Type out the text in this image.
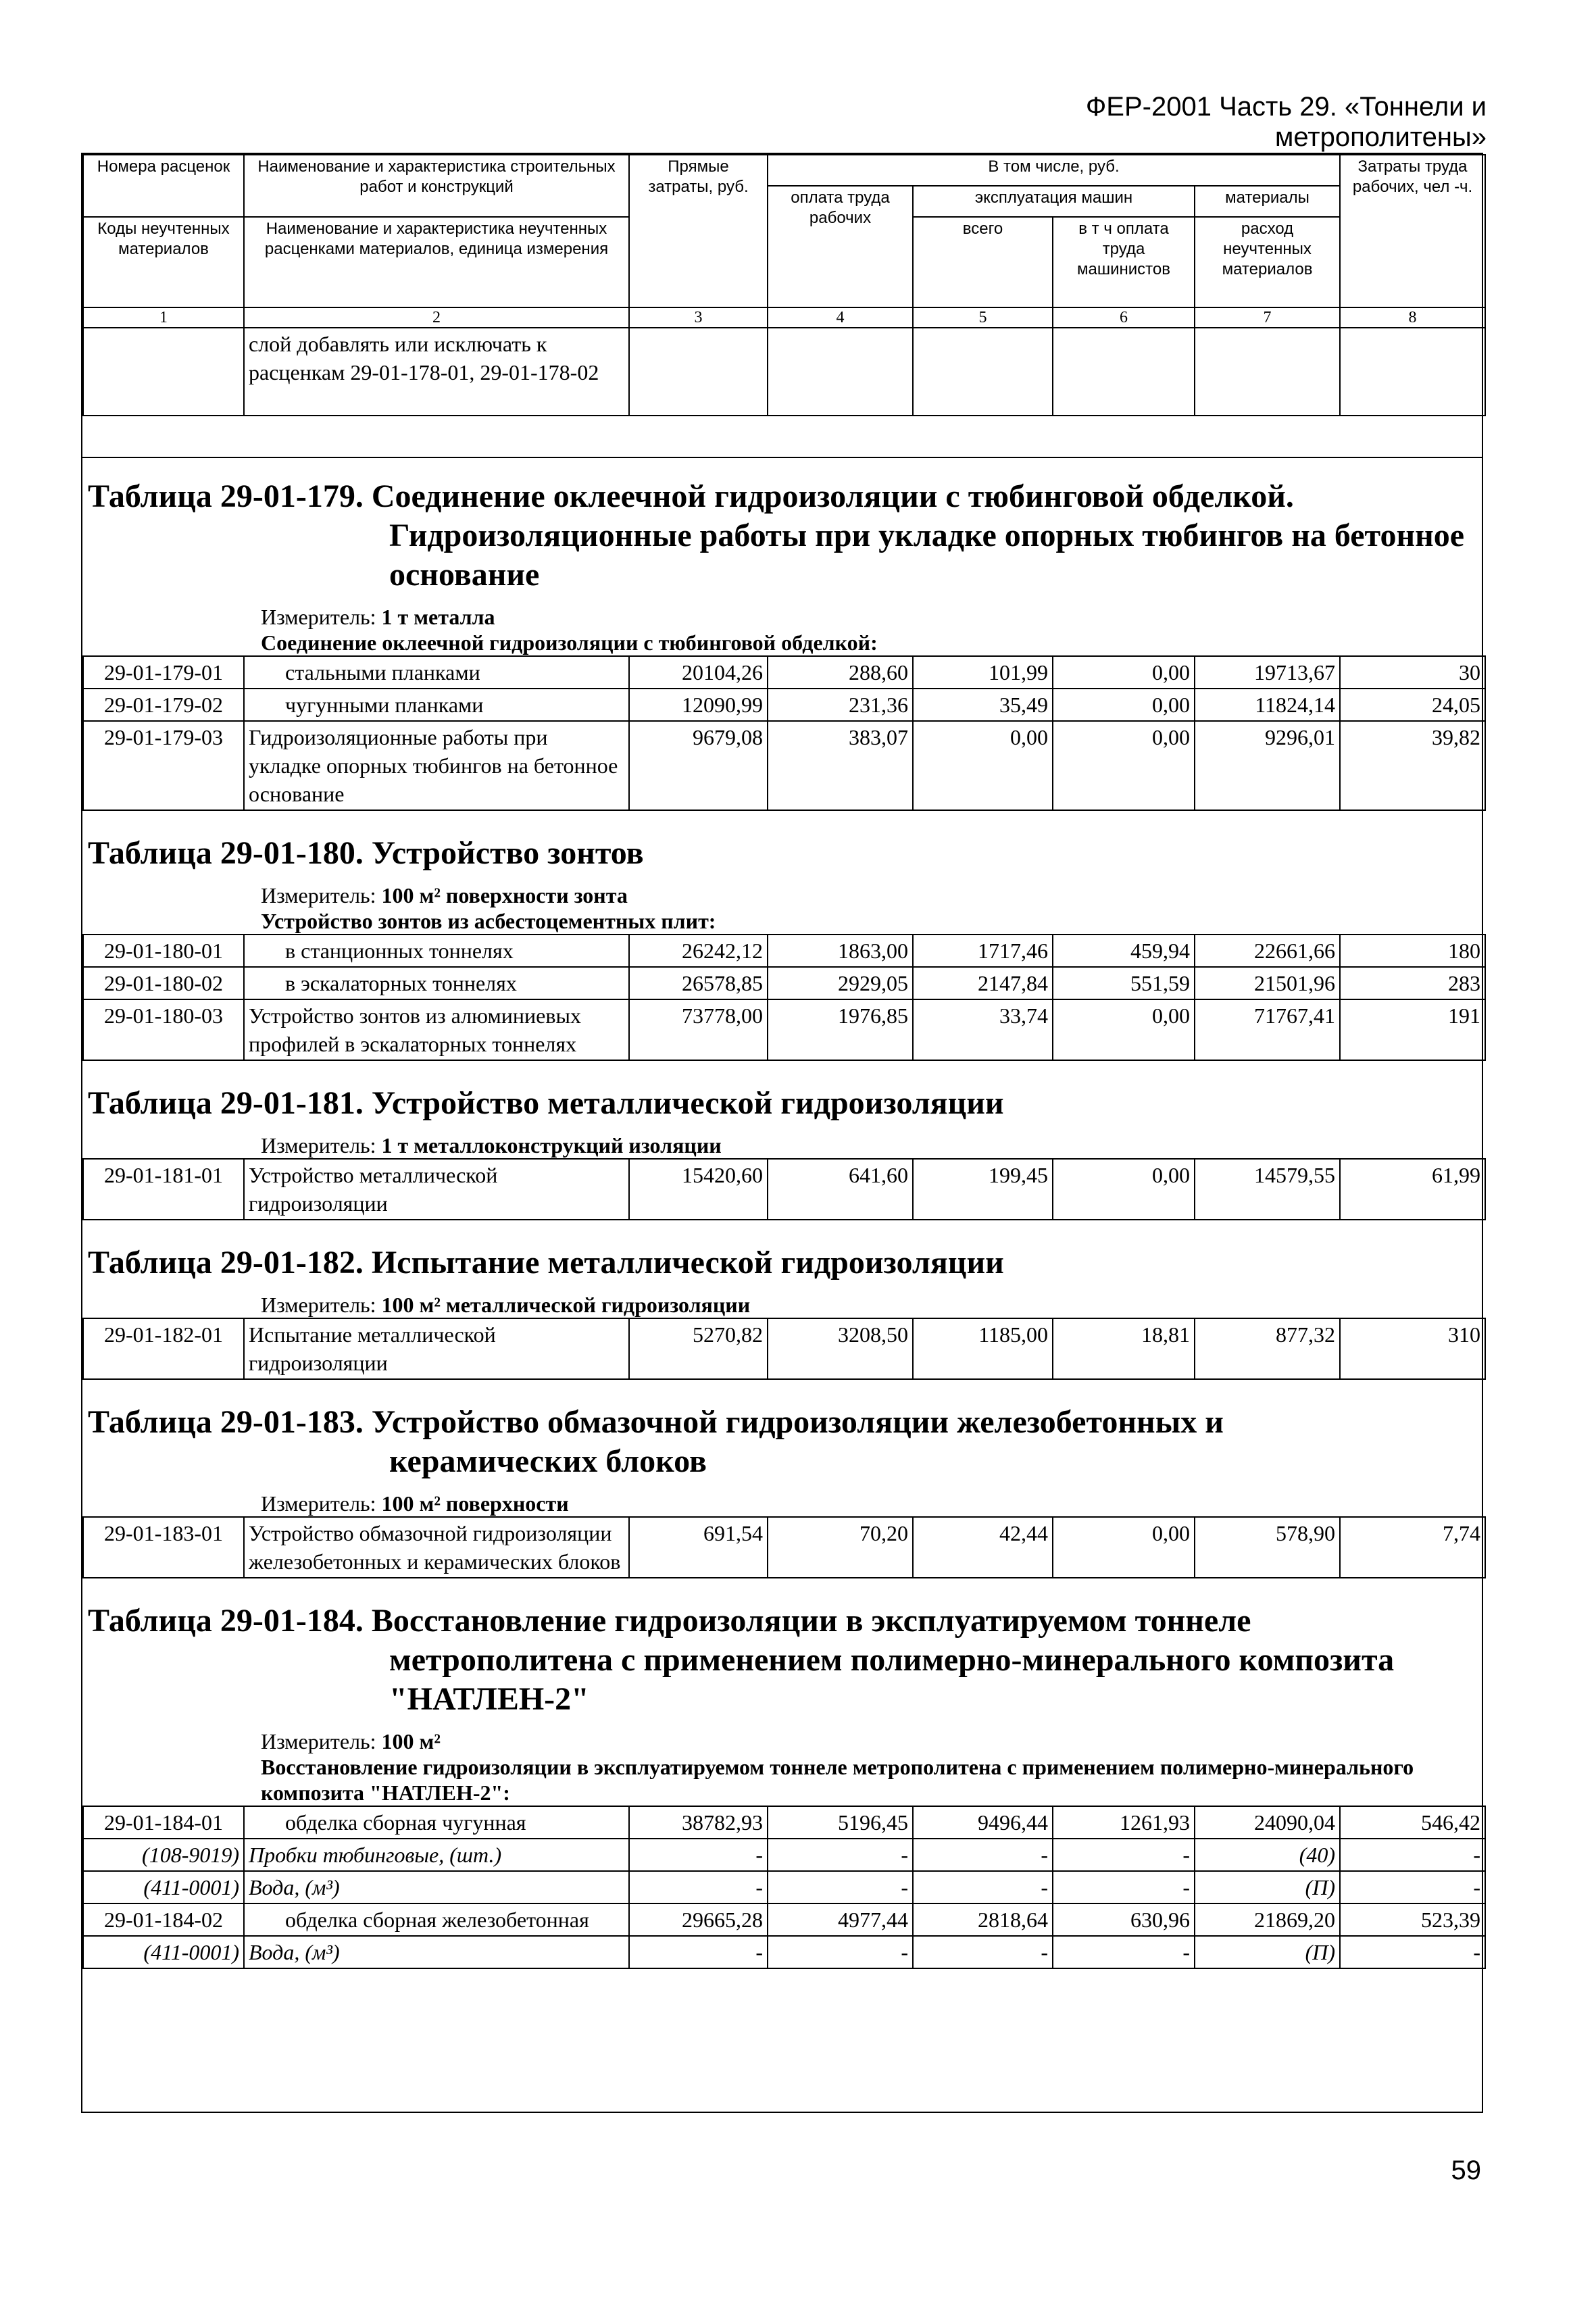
ФЕР-2001 Часть 29. «Тоннели и метрополитены»
Номера расценок	Наименование и характеристика строительных работ и конструкций	Прямые затраты, руб.	В том числе, руб.				Затраты труда рабочих, чел -ч.
			оплата труда рабочих	эксплуатация машин		материалы	
Коды неучтенных материалов	Наименование и характеристика неучтенных расценками материалов, единица измерения			всего	в т ч оплата труда машинистов	расход неучтенных материалов	

1	2	3	4	5	6	7	8
	слой добавлять или исключать к расценкам 29-01-178-01, 29-01-178-02						
Таблица 29-01-179. Соединение оклеечной гидроизоляции с тюбинговой обделкой.
Гидроизоляционные работы при укладке опорных тюбингов на бетонное основание
Измеритель: 1 т металла
Соединение оклеечной гидроизоляции с тюбинговой обделкой:
29-01-179-01	стальными планками	20104,26	288,60	101,99	0,00	19713,67	30
29-01-179-02	чугунными планками	12090,99	231,36	35,49	0,00	11824,14	24,05
29-01-179-03	Гидроизоляционные работы при укладке опорных тюбингов на бетонное основание	9679,08	383,07	0,00	0,00	9296,01	39,82
Таблица 29-01-180. Устройство зонтов
Измеритель: 100 м² поверхности зонта
Устройство зонтов из асбестоцементных плит:
29-01-180-01	в станционных тоннелях	26242,12	1863,00	1717,46	459,94	22661,66	180
29-01-180-02	в эскалаторных тоннелях	26578,85	2929,05	2147,84	551,59	21501,96	283
29-01-180-03	Устройство зонтов из алюминиевых профилей в эскалаторных тоннелях	73778,00	1976,85	33,74	0,00	71767,41	191
Таблица 29-01-181. Устройство металлической гидроизоляции
Измеритель: 1 т металлоконструкций изоляции
29-01-181-01	Устройство металлической гидроизоляции	15420,60	641,60	199,45	0,00	14579,55	61,99
Таблица 29-01-182. Испытание металлической гидроизоляции
Измеритель: 100 м² металлической гидроизоляции
29-01-182-01	Испытание металлической гидроизоляции	5270,82	3208,50	1185,00	18,81	877,32	310
Таблица 29-01-183. Устройство обмазочной гидроизоляции железобетонных и
керамических блоков
Измеритель: 100 м² поверхности
29-01-183-01	Устройство обмазочной гидроизоляции железобетонных и керамических блоков	691,54	70,20	42,44	0,00	578,90	7,74
Таблица 29-01-184. Восстановление гидроизоляции в эксплуатируемом тоннеле
метрополитена с применением полимерно-минерального композита "НАТЛЕН-2"
Измеритель: 100 м²
Восстановление гидроизоляции в эксплуатируемом тоннеле метрополитена с применением полимерно-минерального композита "НАТЛЕН-2":
29-01-184-01	обделка сборная чугунная	38782,93	5196,45	9496,44	1261,93	24090,04	546,42
(108-9019)	Пробки тюбинговые, (шт.)	-	-	-	-	(40)	-
(411-0001)	Вода, (м³)	-	-	-	-	(П)	-
29-01-184-02	обделка сборная железобетонная	29665,28	4977,44	2818,64	630,96	21869,20	523,39
(411-0001)	Вода, (м³)	-	-	-	-	(П)	-
59
